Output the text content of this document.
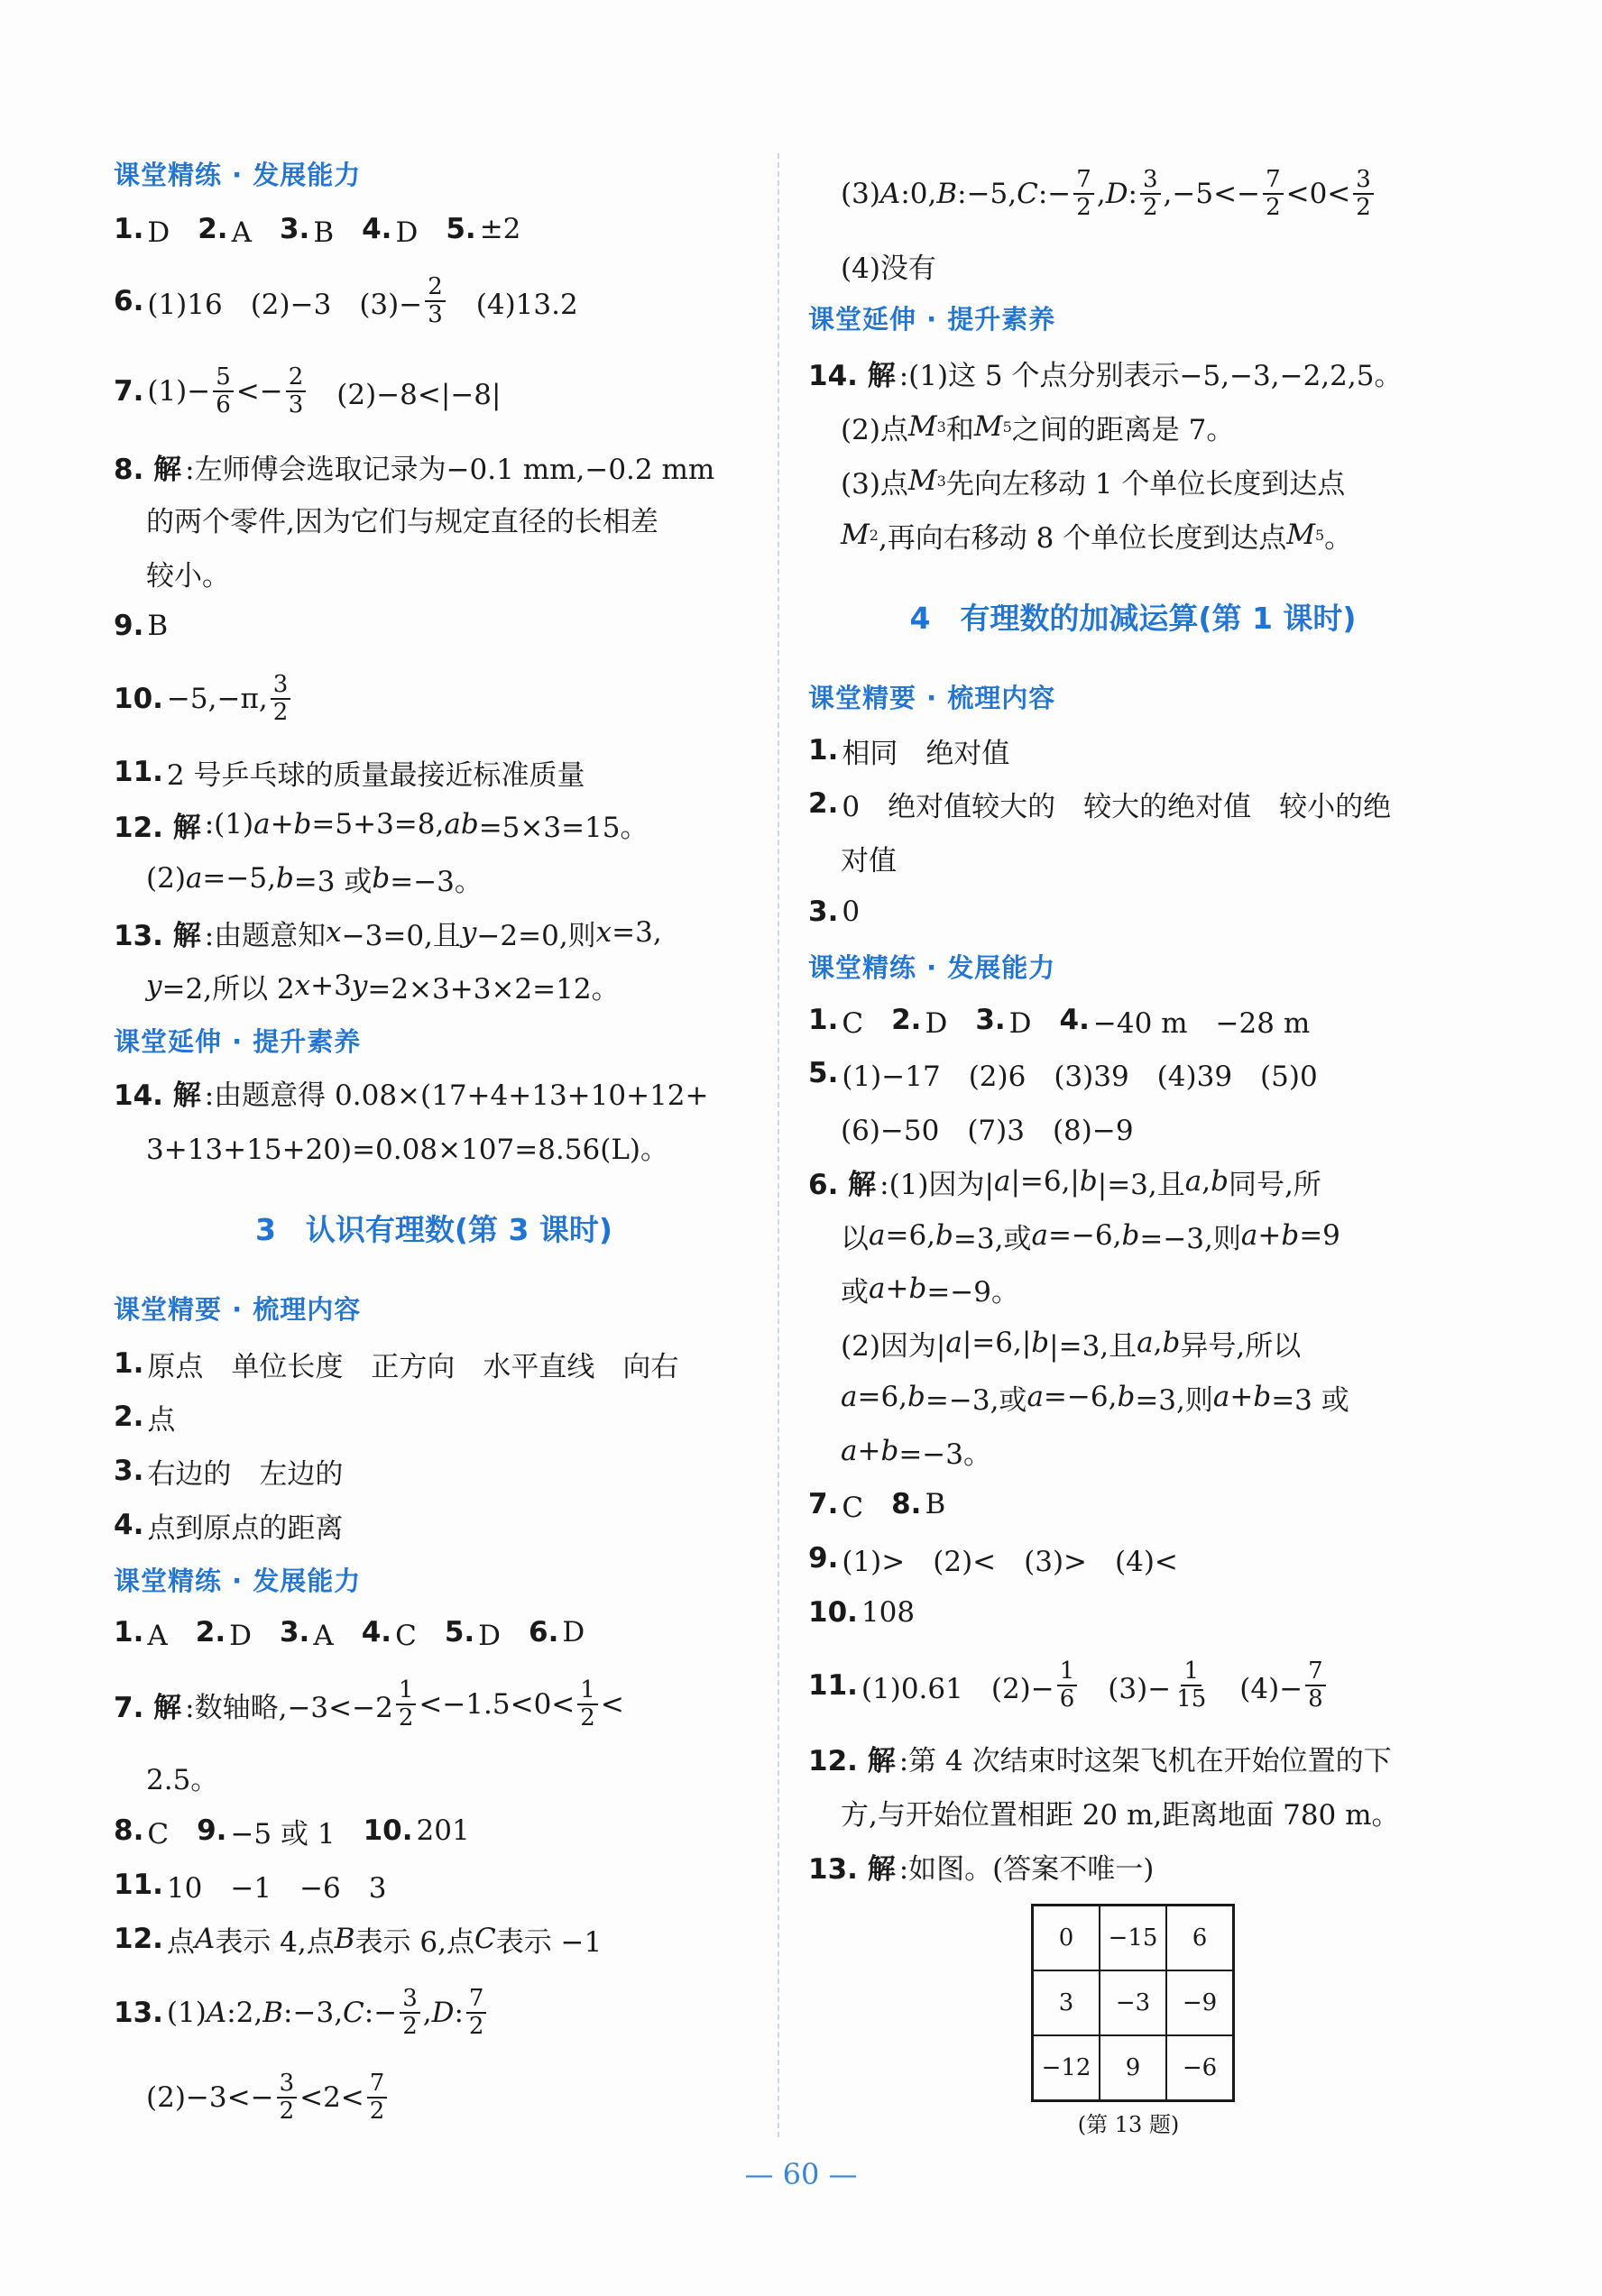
课堂精练 · 发展能力
1. D　 2. A　 3. B　 4. D　 5. ±2
6. (1)16　(2)−3　$(3)- \frac{2}{3}$ 　(4)13.2
7. $(1)- \frac{5}{6} <- \frac{2}{3}$ 　(2)−8<|−8|
8. 解 :左师傅会选取记录为−0.1 mm,−0.2 mm
的两个零件,因为它们与规定直径的长相差
较小。
9. B
10. −5,−π, $\frac{3}{2}$
11. 2 号乒乓球的质量最接近标准质量
12. 解 :(1) a + b =5+3=8, ab =5×3=15。
(2) a =−5, b =3 或 b =−3。
13. 解 :由题意知 x −3=0,且 y −2=0,则 x =3,
y =2,所以 2 x +3 y =2×3+3×2=12。
课堂延伸 · 提升素养
14. 解 :由题意得 0.08×(17+4+13+10+12+
3+13+15+20)=0.08×107=8.56(L)。
3　认识有理数(第 3 课时)
课堂精要 · 梳理内容
1. 原点　单位长度　正方向　水平直线　向右
2. 点
3. 右边的　左边的
4. 点到原点的距离
课堂精练 · 发展能力
1. A　 2. D　 3. A　 4. C　 5. D　 6. D
7. 解 :数轴略$,-3<-2 \frac{1}{2} <-1.5<0< \frac{1}{2}$ <
2.5。
8. C　 9. −5 或 1　 10. 201
11. 10　−1　−6　3
12. 点 A 表示 4,点 B 表示 6,点 C 表示 −1
13. (1) A :2, B :−3, C :− $\frac{3}{2}$ , D : $\frac{7}{2}$
$(2)-3<- \frac{3}{2} <2< \frac{7}{2}$
(3) A :0, B :−5, C :− $\frac{7}{2}$ , D : $\frac{3}{2} ,-5<- \frac{7}{2} <0< \frac{3}{2}$
(4)没有
课堂延伸 · 提升素养
14. 解 :(1)这 5 个点分别表示−5,−3,−2,2,5。
(2)点 M 3 和 M 5 之间的距离是 7。
(3)点 M 3 先向左移动 1 个单位长度到达点
M 2 ,再向右移动 8 个单位长度到达点 M 5 。
4　有理数的加减运算(第 1 课时)
课堂精要 · 梳理内容
1. 相同　绝对值
2. 0　绝对值较大的　较大的绝对值　较小的绝
对值
3. 0
课堂精练 · 发展能力
1. C　 2. D　 3. D　 4. −40 m　−28 m
5. (1)−17　(2)6　(3)39　(4)39　(5)0
(6)−50　(7)3　(8)−9
6. 解 :(1)因为| a |=6,| b |=3,且 a , b 同号,所
以 a =6, b =3,或 a =−6, b =−3,则 a + b =9
或 a + b =−9。
(2)因为| a |=6,| b |=3,且 a , b 异号,所以
a =6, b =−3,或 a =−6, b =3,则 a + b =3 或
a + b =−3。
7. C　 8. B
9. (1)>　(2)<　(3)>　(4)<
10. 108
11. (1)0.61　$(2)- \frac{1}{6}$ 　$(3)- \frac{1}{15}$ 　$(4)- \frac{7}{8}$
12. 解 :第 4 次结束时这架飞机在开始位置的下
方,与开始位置相距 20 m,距离地面 780 m。
13. 解 :如图。(答案不唯一)
0	−15	6
3	−3	−9
−12	9	−6
(第 13 题)
— 60 —
